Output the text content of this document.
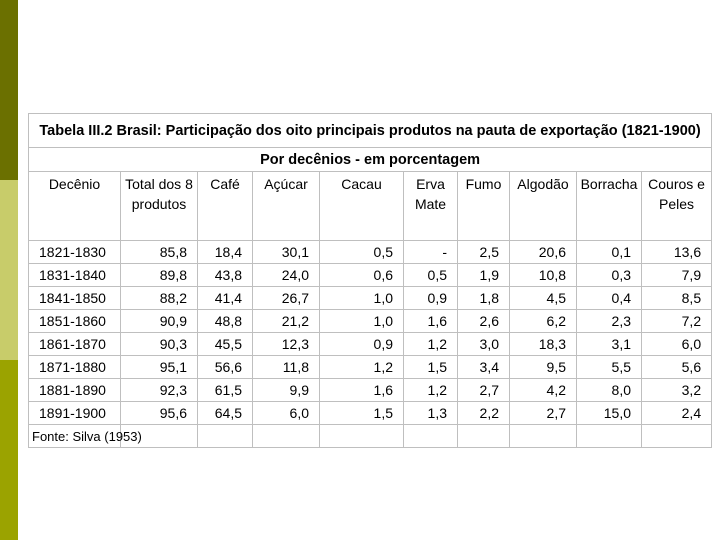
Tabela III.2 Brasil: Participação dos oito principais produtos na pauta de exportação (1821-1900)									
Por decênios - em porcentagem									
Decênio	Total dos 8 produtos	Café	Açúcar	Cacau	Erva Mate	Fumo	Algodão	Borracha	Couros e Peles
1821-1830	85,8	18,4	30,1	0,5	-	2,5	20,6	0,1	13,6
1831-1840	89,8	43,8	24,0	0,6	0,5	1,9	10,8	0,3	7,9
1841-1850	88,2	41,4	26,7	1,0	0,9	1,8	4,5	0,4	8,5
1851-1860	90,9	48,8	21,2	1,0	1,6	2,6	6,2	2,3	7,2
1861-1870	90,3	45,5	12,3	0,9	1,2	3,0	18,3	3,1	6,0
1871-1880	95,1	56,6	11,8	1,2	1,5	3,4	9,5	5,5	5,6
1881-1890	92,3	61,5	9,9	1,6	1,2	2,7	4,2	8,0	3,2
1891-1900	95,6	64,5	6,0	1,5	1,3	2,2	2,7	15,0	2,4
Fonte: Silva (1953)									
